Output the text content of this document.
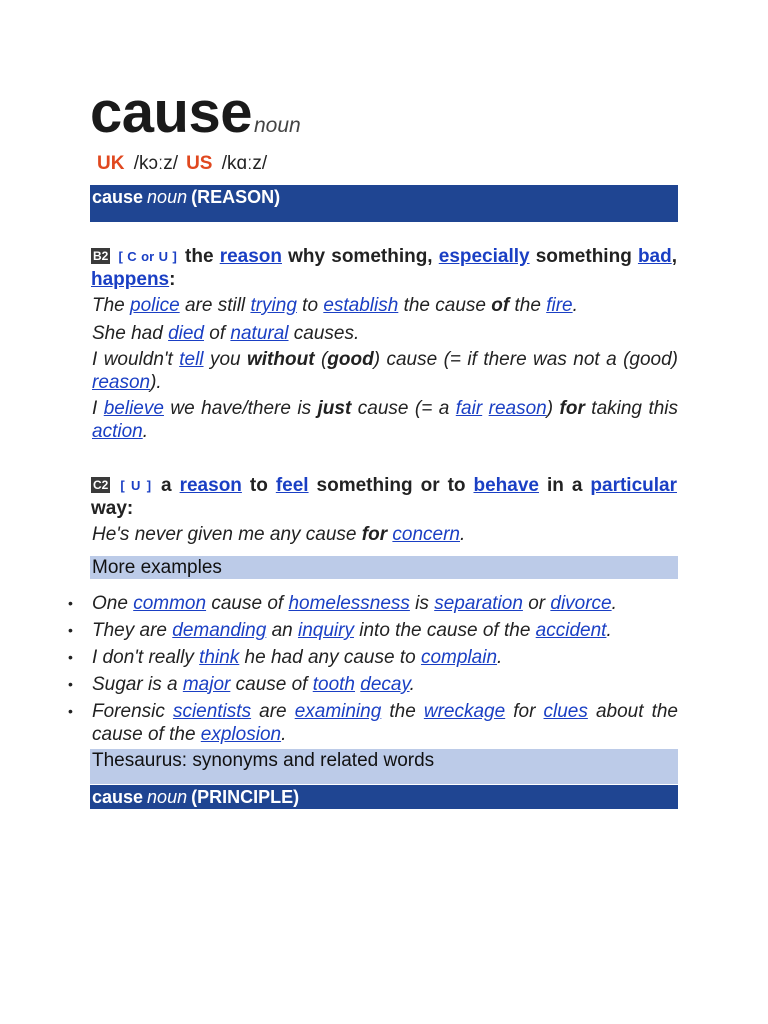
causenoun
UK /kɔːz/ US /kɑːz/
cause noun (REASON)
B2 [ C or U ] the reason why something, especially something bad, happens:
The police are still trying to establish the cause of the fire.
She had died of natural causes.
I wouldn't tell you without (good) cause (= if there was not a (good) reason).
I believe we have/there is just cause (= a fair reason) for taking this action.
C2 [ U ] a reason to feel something or to behave in a particular way:
He's never given me any cause for concern.
More examples
• One common cause of homelessness is separation or divorce.
• They are demanding an inquiry into the cause of the accident.
• I don't really think he had any cause to complain.
• Sugar is a major cause of tooth decay.
• Forensic scientists are examining the wreckage for clues about the cause of the explosion.
Thesaurus: synonyms and related words
cause noun (PRINCIPLE)
